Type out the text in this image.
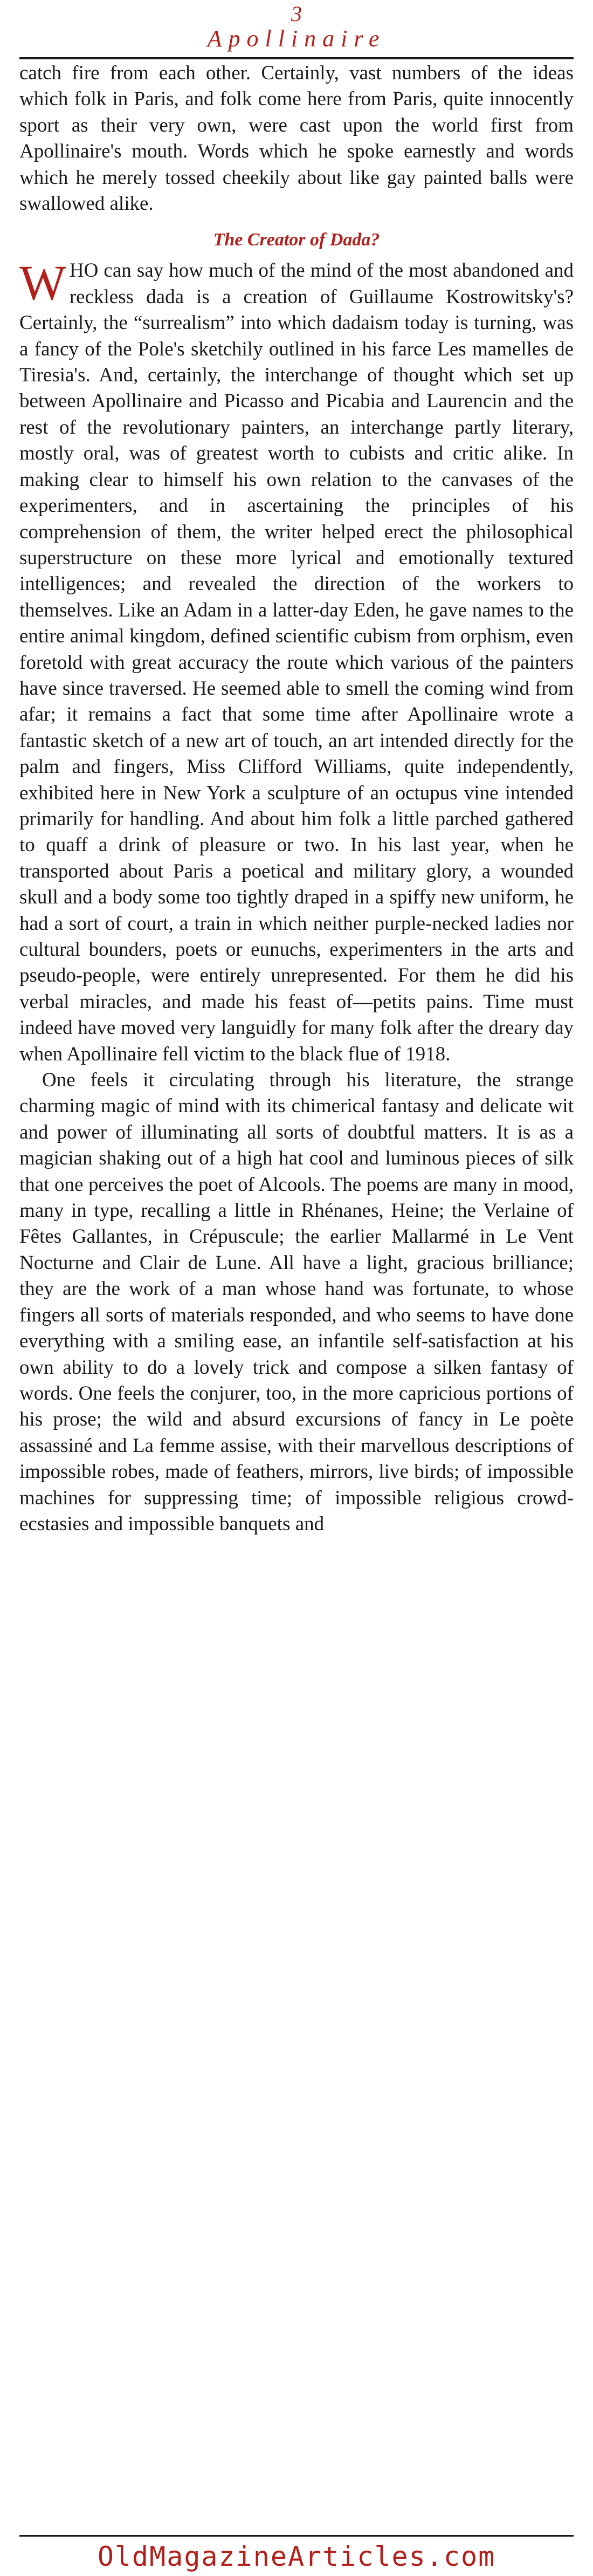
3
Apollinaire

catch fire from each other. Certainly, vast numbers of the ideas which folk in Paris, and folk come here from Paris, quite innocently sport as their very own, were cast upon the world first from Apollinaire's mouth. Words which he spoke earnestly and words which he merely tossed cheekily about like gay painted balls were swallowed alike.

The Creator of Dada?

WHO can say how much of the mind of the most abandoned and reckless dada is a creation of Guillaume Kostrowitsky's? Certainly, the “surrealism” into which dadaism today is turning, was a fancy of the Pole's sketchily outlined in his farce Les mamelles de Tiresia's. And, certainly, the interchange of thought which set up between Apollinaire and Picasso and Picabia and Laurencin and the rest of the revolutionary painters, an interchange partly literary, mostly oral, was of greatest worth to cubists and critic alike. In making clear to himself his own relation to the canvases of the experimenters, and in ascertaining the principles of his comprehension of them, the writer helped erect the philosophical superstructure on these more lyrical and emotionally textured intelligences; and revealed the direction of the workers to themselves. Like an Adam in a latter-day Eden, he gave names to the entire animal kingdom, defined scientific cubism from orphism, even foretold with great accuracy the route which various of the painters have since traversed. He seemed able to smell the coming wind from afar; it remains a fact that some time after Apollinaire wrote a fantastic sketch of a new art of touch, an art intended directly for the palm and fingers, Miss Clifford Williams, quite independently, exhibited here in New York a sculpture of an octupus vine intended primarily for handling. And about him folk a little parched gathered to quaff a drink of pleasure or two. In his last year, when he transported about Paris a poetical and military glory, a wounded skull and a body some too tightly draped in a spiffy new uniform, he had a sort of court, a train in which neither purple-necked ladies nor cultural bounders, poets or eunuchs, experimenters in the arts and pseudo-people, were entirely unrepresented. For them he did his verbal miracles, and made his feast of—petits pains. Time must indeed have moved very languidly for many folk after the dreary day when Apollinaire fell victim to the black flue of 1918.

One feels it circulating through his literature, the strange charming magic of mind with its chimerical fantasy and delicate wit and power of illuminating all sorts of doubtful matters. It is as a magician shaking out of a high hat cool and luminous pieces of silk that one perceives the poet of Alcools. The poems are many in mood, many in type, recalling a little in Rhénanes, Heine; the Verlaine of Fêtes Gallantes, in Crépuscule; the earlier Mallarmé in Le Vent Nocturne and Clair de Lune. All have a light, gracious brilliance; they are the work of a man whose hand was fortunate, to whose fingers all sorts of materials responded, and who seems to have done everything with a smiling ease, an infantile self-satisfaction at his own ability to do a lovely trick and compose a silken fantasy of words. One feels the conjurer, too, in the more capricious portions of his prose; the wild and absurd excursions of fancy in Le poète assassiné and La femme assise, with their marvellous descriptions of impossible robes, made of feathers, mirrors, live birds; of impossible machines for suppressing time; of impossible religious crowd-ecstasies and impossible banquets and

OldMagazineArticles.com
